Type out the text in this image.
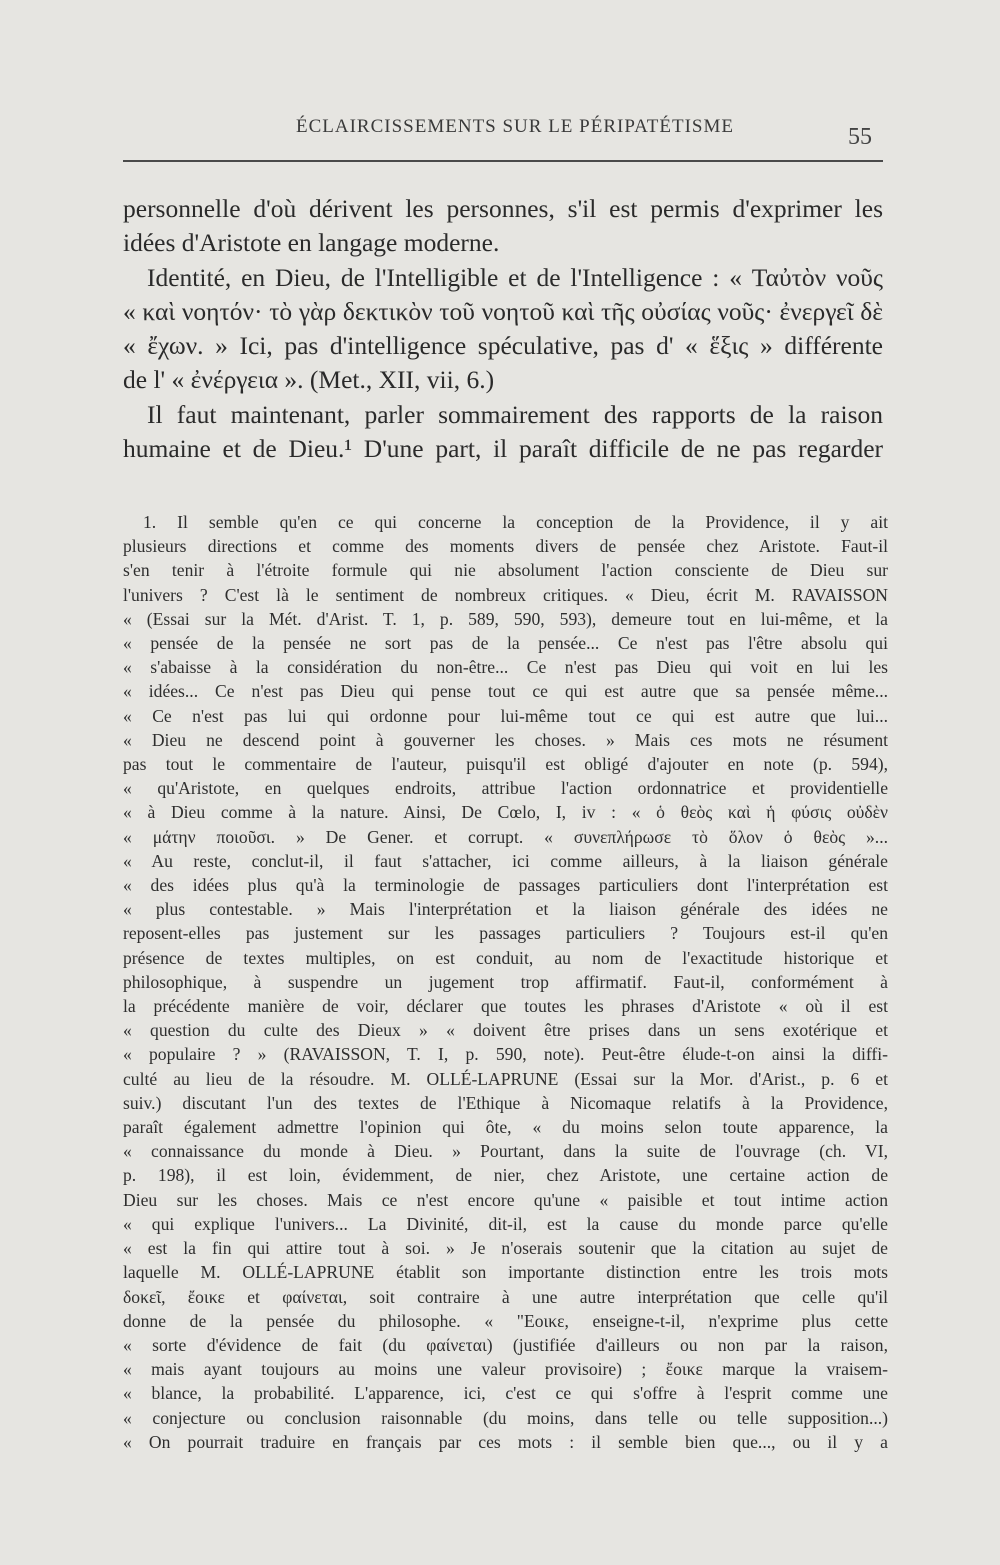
ÉCLAIRCISSEMENTS SUR LE PÉRIPATÉTISME	55
personnelle d'où dérivent les personnes, s'il est permis d'exprimer les
idées d'Aristote en langage moderne.
Identité, en Dieu, de l'Intelligible et de l'Intelligence : « Ταὐτὸν νοῦς
« καὶ νοητόν· τὸ γὰρ δεκτικὸν τοῦ νοητοῦ καὶ τῆς οὐσίας νοῦς· ἐνεργεῖ δὲ
« ἔχων. » Ici, pas d'intelligence spéculative, pas d' « ἕξις » différente
de l' « ἐνέργεια ». (Met., XII, vii, 6.)
Il faut maintenant, parler sommairement des rapports de la raison
humaine et de Dieu.¹ D'une part, il paraît difficile de ne pas regarder
1. Il semble qu'en ce qui concerne la conception de la Providence, il y ait
plusieurs directions et comme des moments divers de pensée chez Aristote. Faut-il
s'en tenir à l'étroite formule qui nie absolument l'action consciente de Dieu sur
l'univers ? C'est là le sentiment de nombreux critiques. « Dieu, écrit M. RAVAISSON
« (Essai sur la Mét. d'Arist. T. 1, p. 589, 590, 593), demeure tout en lui-même, et la
« pensée de la pensée ne sort pas de la pensée... Ce n'est pas l'être absolu qui
« s'abaisse à la considération du non-être... Ce n'est pas Dieu qui voit en lui les
« idées... Ce n'est pas Dieu qui pense tout ce qui est autre que sa pensée même...
« Ce n'est pas lui qui ordonne pour lui-même tout ce qui est autre que lui...
« Dieu ne descend point à gouverner les choses. » Mais ces mots ne résument
pas tout le commentaire de l'auteur, puisqu'il est obligé d'ajouter en note (p. 594),
« qu'Aristote, en quelques endroits, attribue l'action ordonnatrice et providentielle
« à Dieu comme à la nature. Ainsi, De Cœlo, I, iv : « ὁ θεὸς καὶ ἡ φύσις οὐδὲν
« μάτην ποιοῦσι. » De Gener. et corrupt. « συνεπλήρωσε τὸ ὅλον ὁ θεὸς »...
« Au reste, conclut-il, il faut s'attacher, ici comme ailleurs, à la liaison générale
« des idées plus qu'à la terminologie de passages particuliers dont l'interprétation est
« plus contestable. » Mais l'interprétation et la liaison générale des idées ne
reposent-elles pas justement sur les passages particuliers ? Toujours est-il qu'en
présence de textes multiples, on est conduit, au nom de l'exactitude historique et
philosophique, à suspendre un jugement trop affirmatif. Faut-il, conformément à
la précédente manière de voir, déclarer que toutes les phrases d'Aristote « où il est
« question du culte des Dieux » « doivent être prises dans un sens exotérique et
« populaire ? » (RAVAISSON, T. I, p. 590, note). Peut-être élude-t-on ainsi la diffi-
culté au lieu de la résoudre. M. OLLÉ-LAPRUNE (Essai sur la Mor. d'Arist., p. 6 et
suiv.) discutant l'un des textes de l'Ethique à Nicomaque relatifs à la Providence,
paraît également admettre l'opinion qui ôte, « du moins selon toute apparence, la
« connaissance du monde à Dieu. » Pourtant, dans la suite de l'ouvrage (ch. VI,
p. 198), il est loin, évidemment, de nier, chez Aristote, une certaine action de
Dieu sur les choses. Mais ce n'est encore qu'une « paisible et tout intime action
« qui explique l'univers... La Divinité, dit-il, est la cause du monde parce qu'elle
« est la fin qui attire tout à soi. » Je n'oserais soutenir que la citation au sujet de
laquelle M. OLLÉ-LAPRUNE établit son importante distinction entre les trois mots
δοκεῖ, ἔοικε et φαίνεται, soit contraire à une autre interprétation que celle qu'il
donne de la pensée du philosophe. « "Εοικε, enseigne-t-il, n'exprime plus cette
« sorte d'évidence de fait (du φαίνεται) (justifiée d'ailleurs ou non par la raison,
« mais ayant toujours au moins une valeur provisoire) ; ἔοικε marque la vraisem-
« blance, la probabilité. L'apparence, ici, c'est ce qui s'offre à l'esprit comme une
« conjecture ou conclusion raisonnable (du moins, dans telle ou telle supposition...)
« On pourrait traduire en français par ces mots : il semble bien que..., ou il y a
